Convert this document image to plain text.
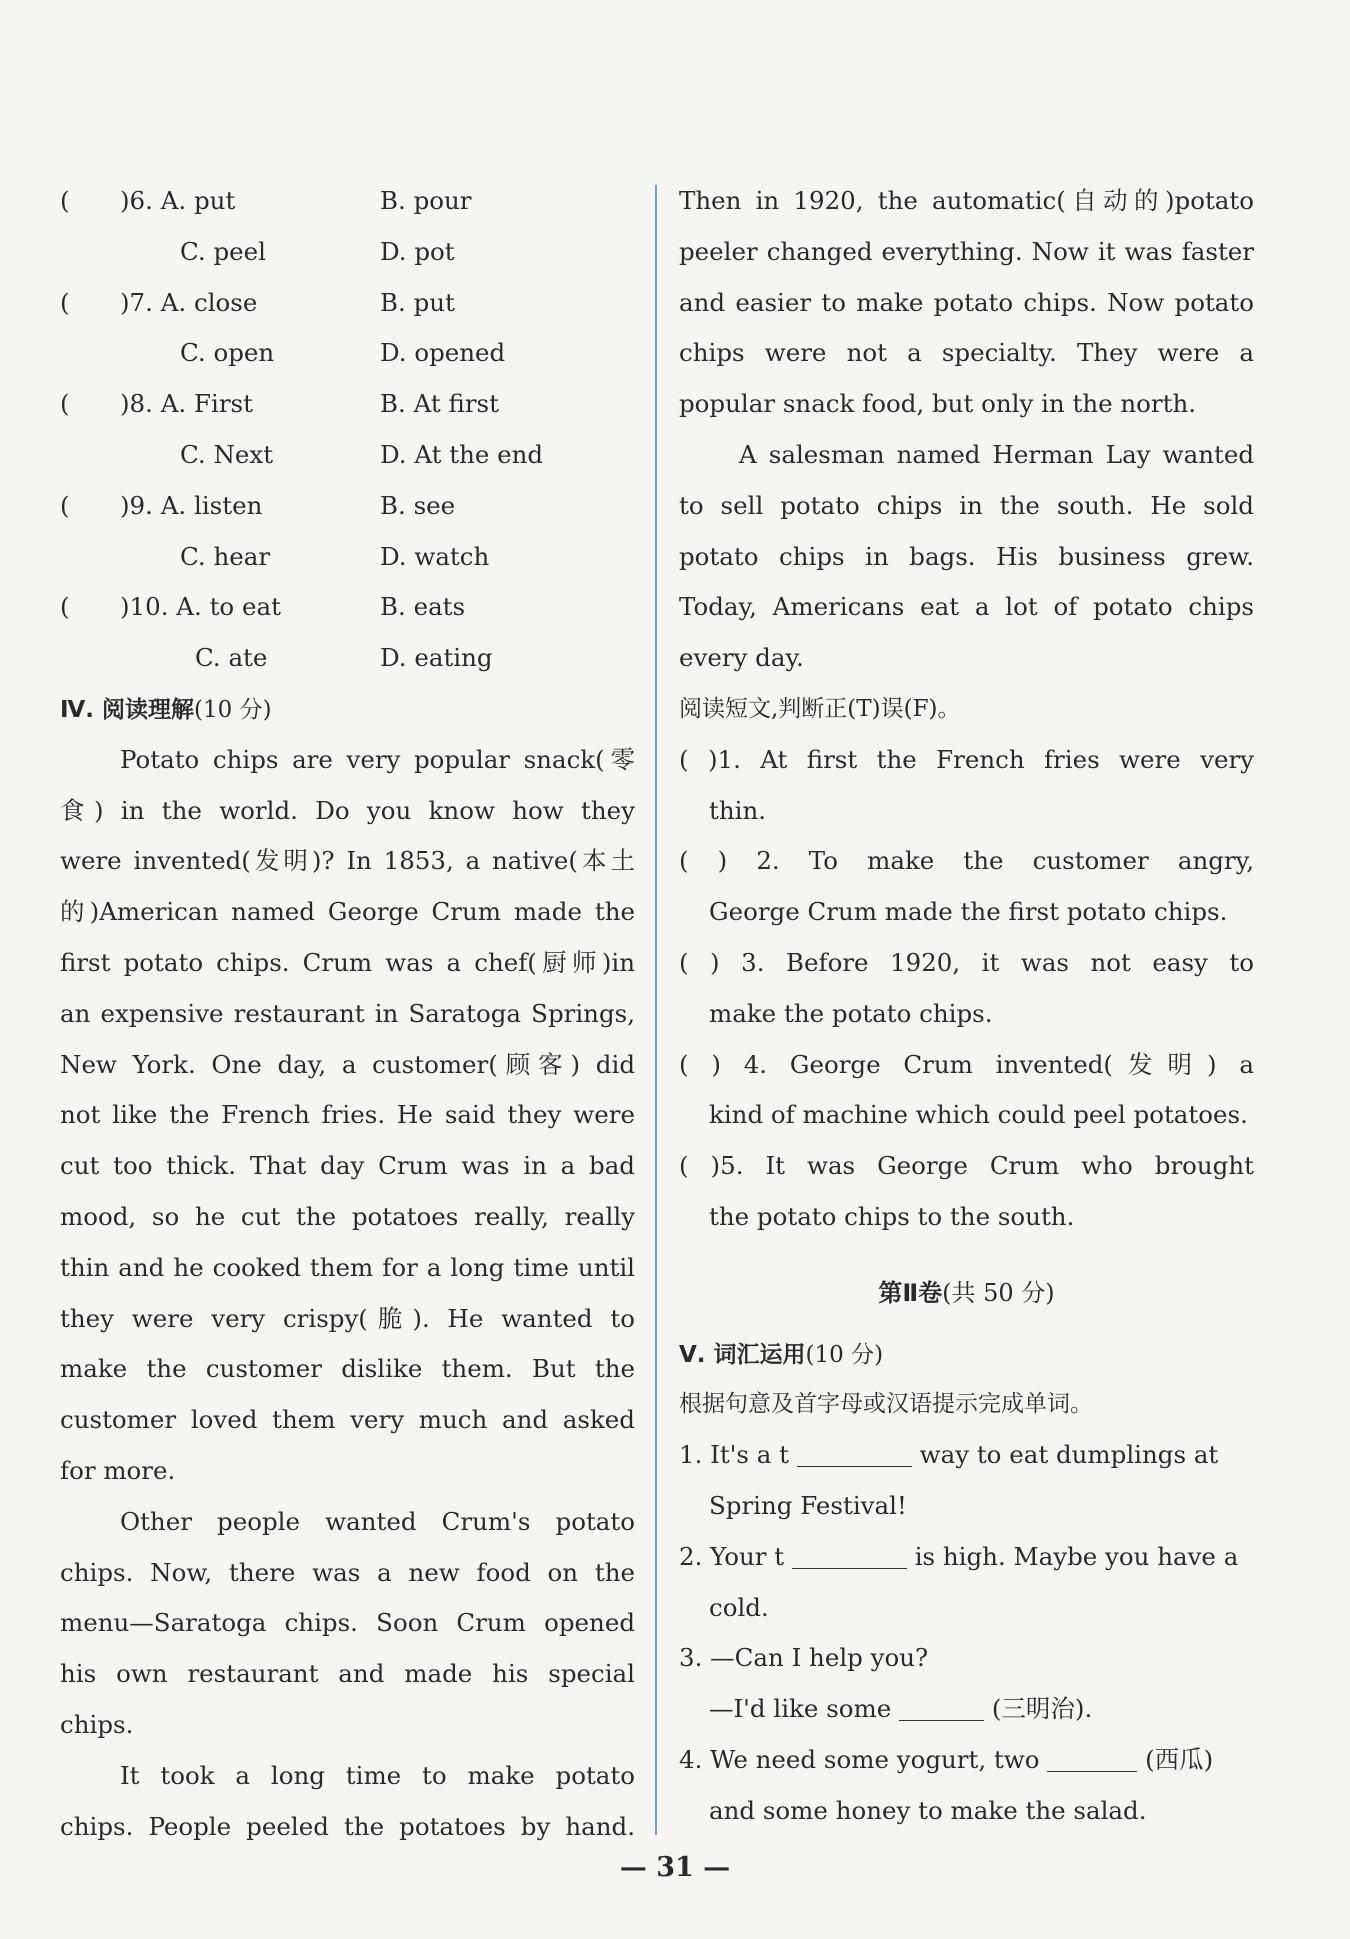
(	)6. A. put	B. pour
C. peel	D. pot
(	)7. A. close	B. put
C. open	D. opened
(	)8. A. First	B. At first
C. Next	D. At the end
(	)9. A. listen	B. see
C. hear	D. watch
(	)10. A. to eat	B. eats
C. ate	D. eating
Ⅳ. 阅读理解(10 分)
Potato chips are very popular snack(零
食) in the world. Do you know how they
were invented(发明)? In 1853, a native(本土
的)American named George Crum made the
first potato chips. Crum was a chef(厨师)in
an expensive restaurant in Saratoga Springs,
New York. One day, a customer(顾客) did
not like the French fries. He said they were
cut too thick. That day Crum was in a bad
mood, so he cut the potatoes really, really
thin and he cooked them for a long time until
they were very crispy(脆). He wanted to
make the customer dislike them. But the
customer loved them very much and asked
for more.
Other people wanted Crum's potato
chips. Now, there was a new food on the
menu—Saratoga chips. Soon Crum opened
his own restaurant and made his special
chips.
It took a long time to make potato
chips. People peeled the potatoes by hand.
Then in 1920, the automatic(自动的)potato
peeler changed everything. Now it was faster
and easier to make potato chips. Now potato
chips were not a specialty. They were a
popular snack food, but only in the north.
A salesman named Herman Lay wanted
to sell potato chips in the south. He sold
potato chips in bags. His business grew.
Today, Americans eat a lot of potato chips
every day.
阅读短文,判断正(T)误(F)。
( )1. At first the French fries were very
thin.
( ) 2. To make the customer angry,
George Crum made the first potato chips.
( ) 3. Before 1920, it was not easy to
make the potato chips.
( ) 4. George Crum invented(发明) a
kind of machine which could peel potatoes.
( )5. It was George Crum who brought
the potato chips to the south.
第Ⅱ卷(共 50 分)
Ⅴ. 词汇运用(10 分)
根据句意及首字母或汉语提示完成单词。
1. It's a t	way to eat dumplings at
Spring Festival!
2. Your t	is high. Maybe you have a
cold.
3. —Can I help you?
—I'd like some	(三明治).
4. We need some yogurt, two	(西瓜)
and some honey to make the salad.
— 31 —
